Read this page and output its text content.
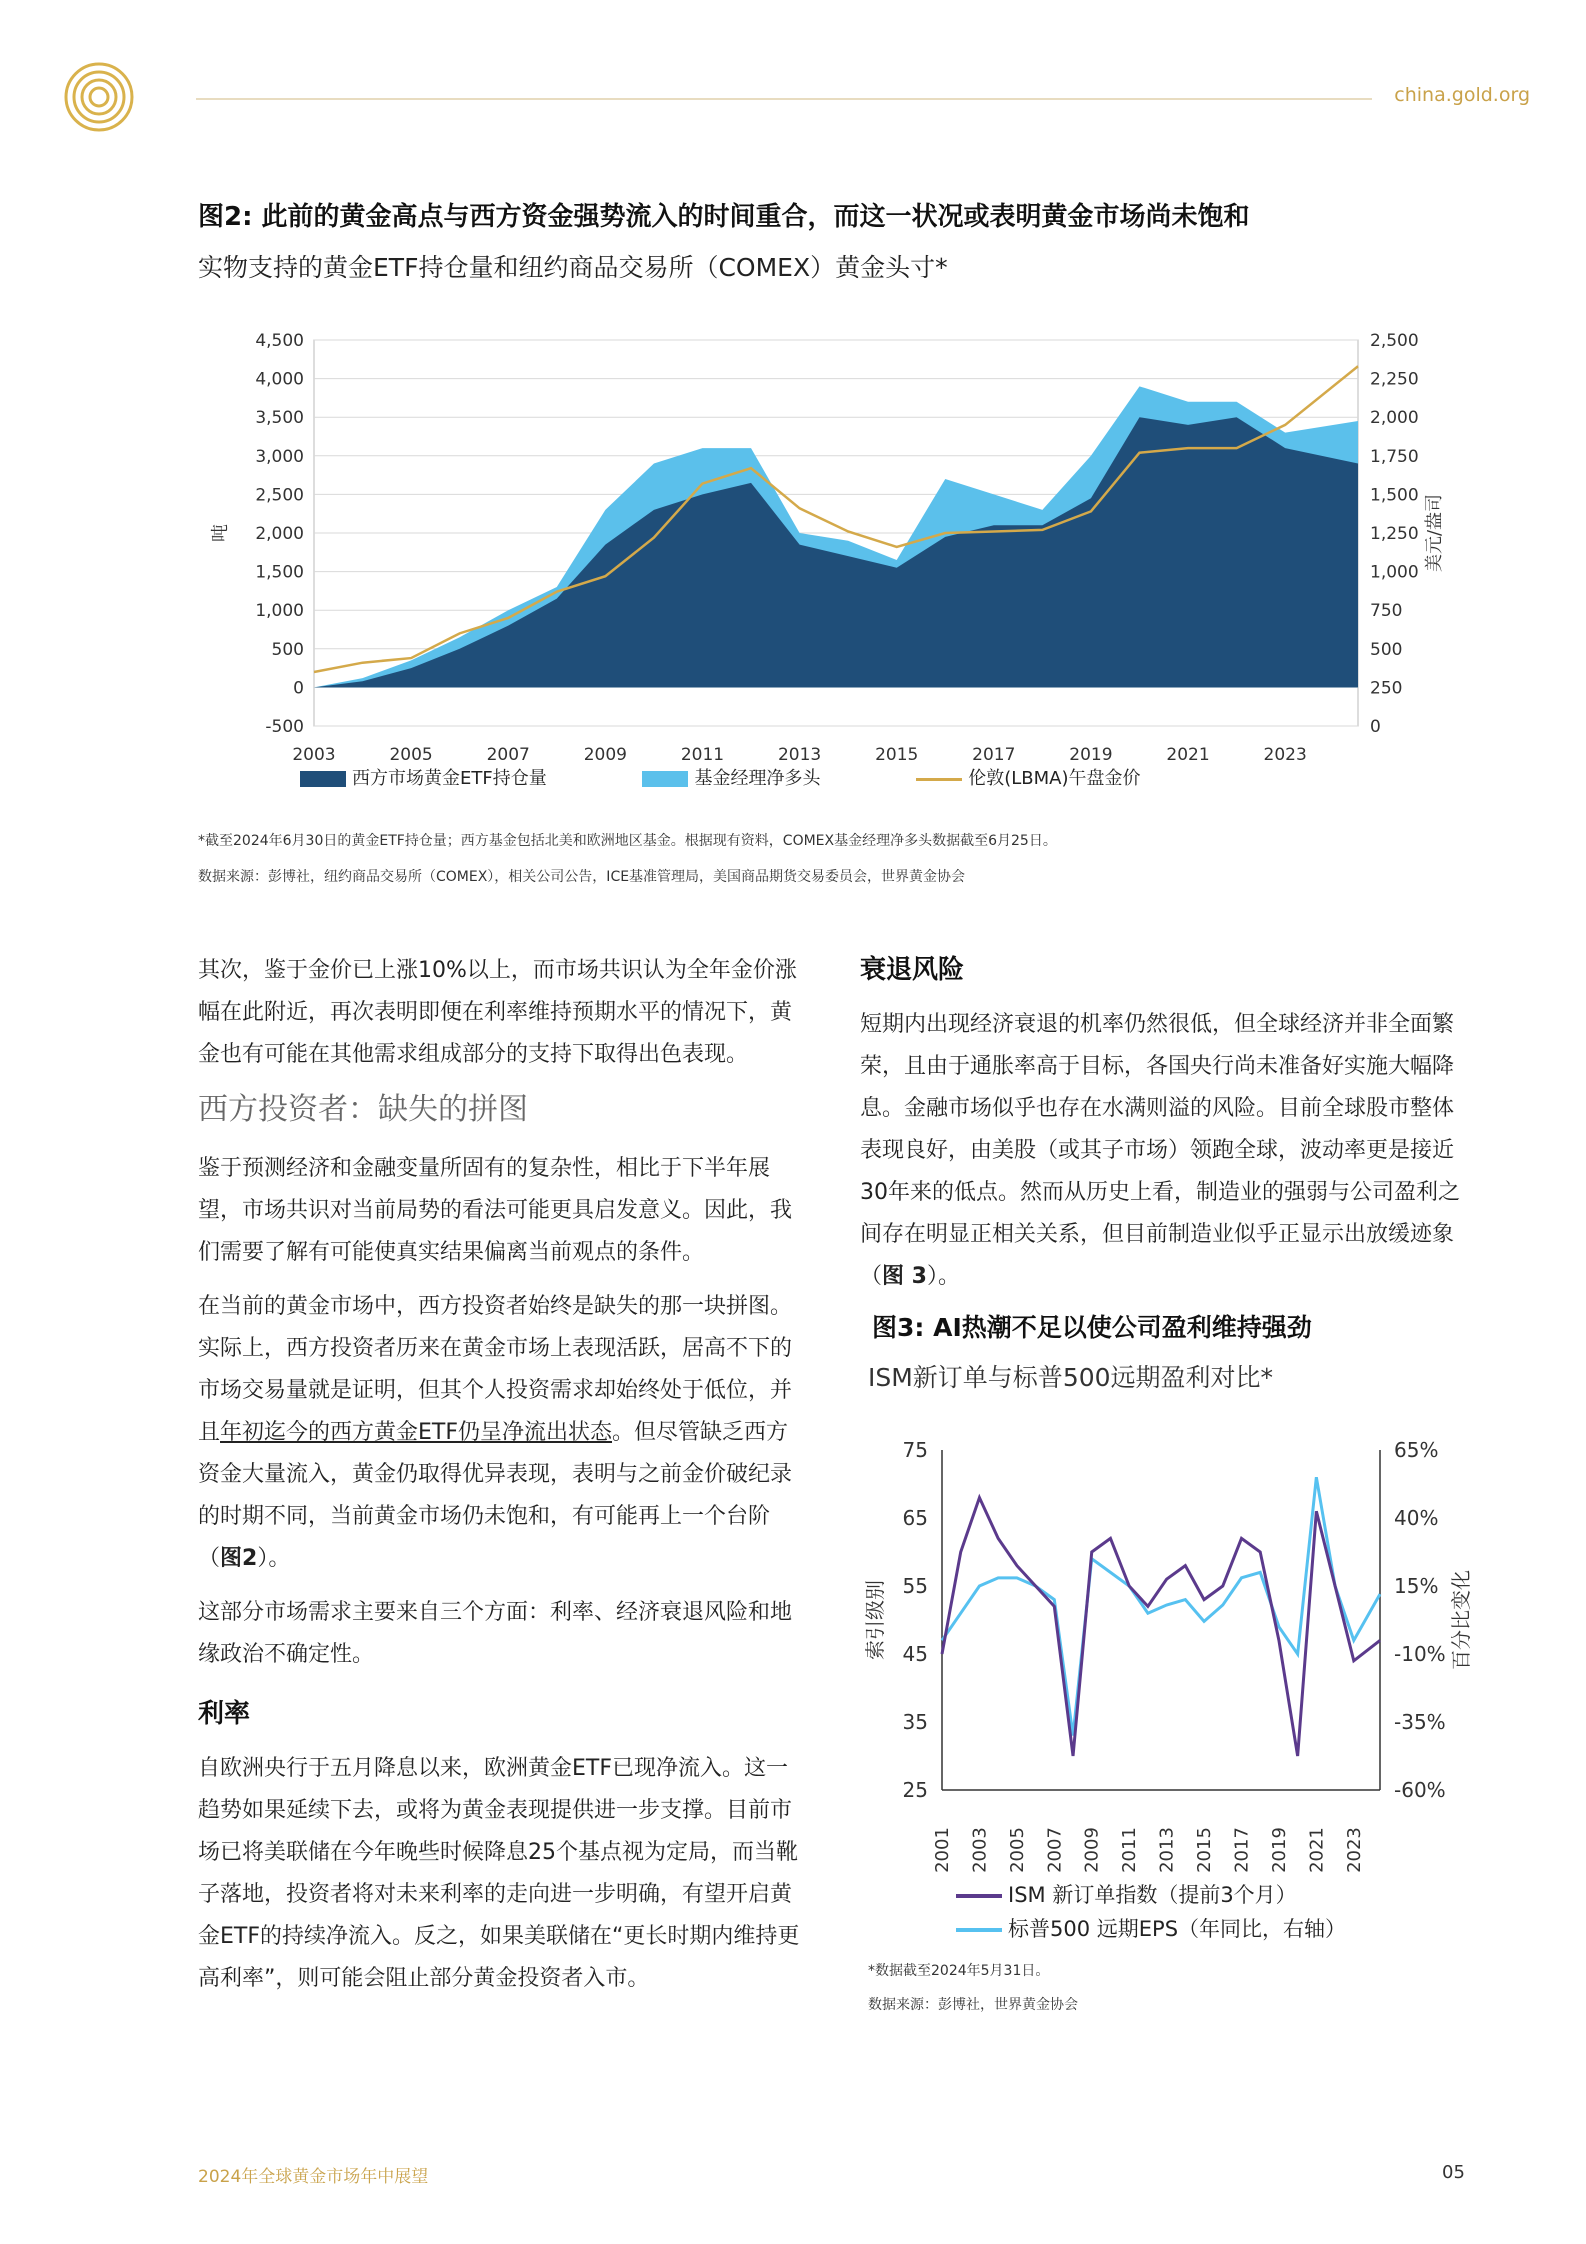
china.gold.org
图2: 此前的黄金高点与西方资金强势流入的时间重合，而这一状况或表明黄金市场尚未饱和
实物支持的黄金ETF持仓量和纽约商品交易所（COMEX）黄金头寸*
4,500
4,000
3,500
3,000
2,500
2,000
1,500
1,000
500
0
-500
2,500
2,250
2,000
1,750
1,500
1,250
1,000
750
500
250
0
2003	2005	2007	2009	2011	2013	2015	2017	2019	2021	2023
吨	美元/盎司
西方市场黄金ETF持仓量	基金经理净多头	伦敦(LBMA)午盘金价
*截至2024年6月30日的黄金ETF持仓量；西方基金包括北美和欧洲地区基金。根据现有资料，COMEX基金经理净多头数据截至6月25日。
数据来源：彭博社，纽约商品交易所（COMEX），相关公司公告，ICE基准管理局，美国商品期货交易委员会，世界黄金协会

其次，鉴于金价已上涨10%以上，而市场共识认为全年金价涨幅在此附近，再次表明即便在利率维持预期水平的情况下，黄金也有可能在其他需求组成部分的支持下取得出色表现。

西方投资者：缺失的拼图

鉴于预测经济和金融变量所固有的复杂性，相比于下半年展望，市场共识对当前局势的看法可能更具启发意义。因此，我们需要了解有可能使真实结果偏离当前观点的条件。

在当前的黄金市场中，西方投资者始终是缺失的那一块拼图。实际上，西方投资者历来在黄金市场上表现活跃，居高不下的市场交易量就是证明，但其个人投资需求却始终处于低位，并且年初迄今的西方黄金ETF仍呈净流出状态。但尽管缺乏西方资金大量流入，黄金仍取得优异表现，表明与之前金价破纪录的时期不同，当前黄金市场仍未饱和，有可能再上一个台阶（图2）。

这部分市场需求主要来自三个方面：利率、经济衰退风险和地缘政治不确定性。

利率

自欧洲央行于五月降息以来，欧洲黄金ETF已现净流入。这一趋势如果延续下去，或将为黄金表现提供进一步支撑。目前市场已将美联储在今年晚些时候降息25个基点视为定局，而当靴子落地，投资者将对未来利率的走向进一步明确，有望开启黄金ETF的持续净流入。反之，如果美联储在“更长时期内维持更高利率”，则可能会阻止部分黄金投资者入市。

衰退风险

短期内出现经济衰退的机率仍然很低，但全球经济并非全面繁荣，且由于通胀率高于目标，各国央行尚未准备好实施大幅降息。金融市场似乎也存在水满则溢的风险。目前全球股市整体表现良好，由美股（或其子市场）领跑全球，波动率更是接近30年来的低点。然而从历史上看，制造业的强弱与公司盈利之间存在明显正相关关系，但目前制造业似乎正显示出放缓迹象（图 3）。

图3: AI热潮不足以使公司盈利维持强劲
ISM新订单与标普500远期盈利对比*
75
65
55
45
35
25
65%
40%
15%
-10%
-35%
-60%
2001 2003 2005 2007 2009 2011 2013 2015 2017 2019 2021 2023
索引级别	百分比变化
ISM 新订单指数（提前3个月）
标普500 远期EPS（年同比，右轴）
*数据截至2024年5月31日。
数据来源：彭博社，世界黄金协会
2024年全球黄金市场年中展望	05
